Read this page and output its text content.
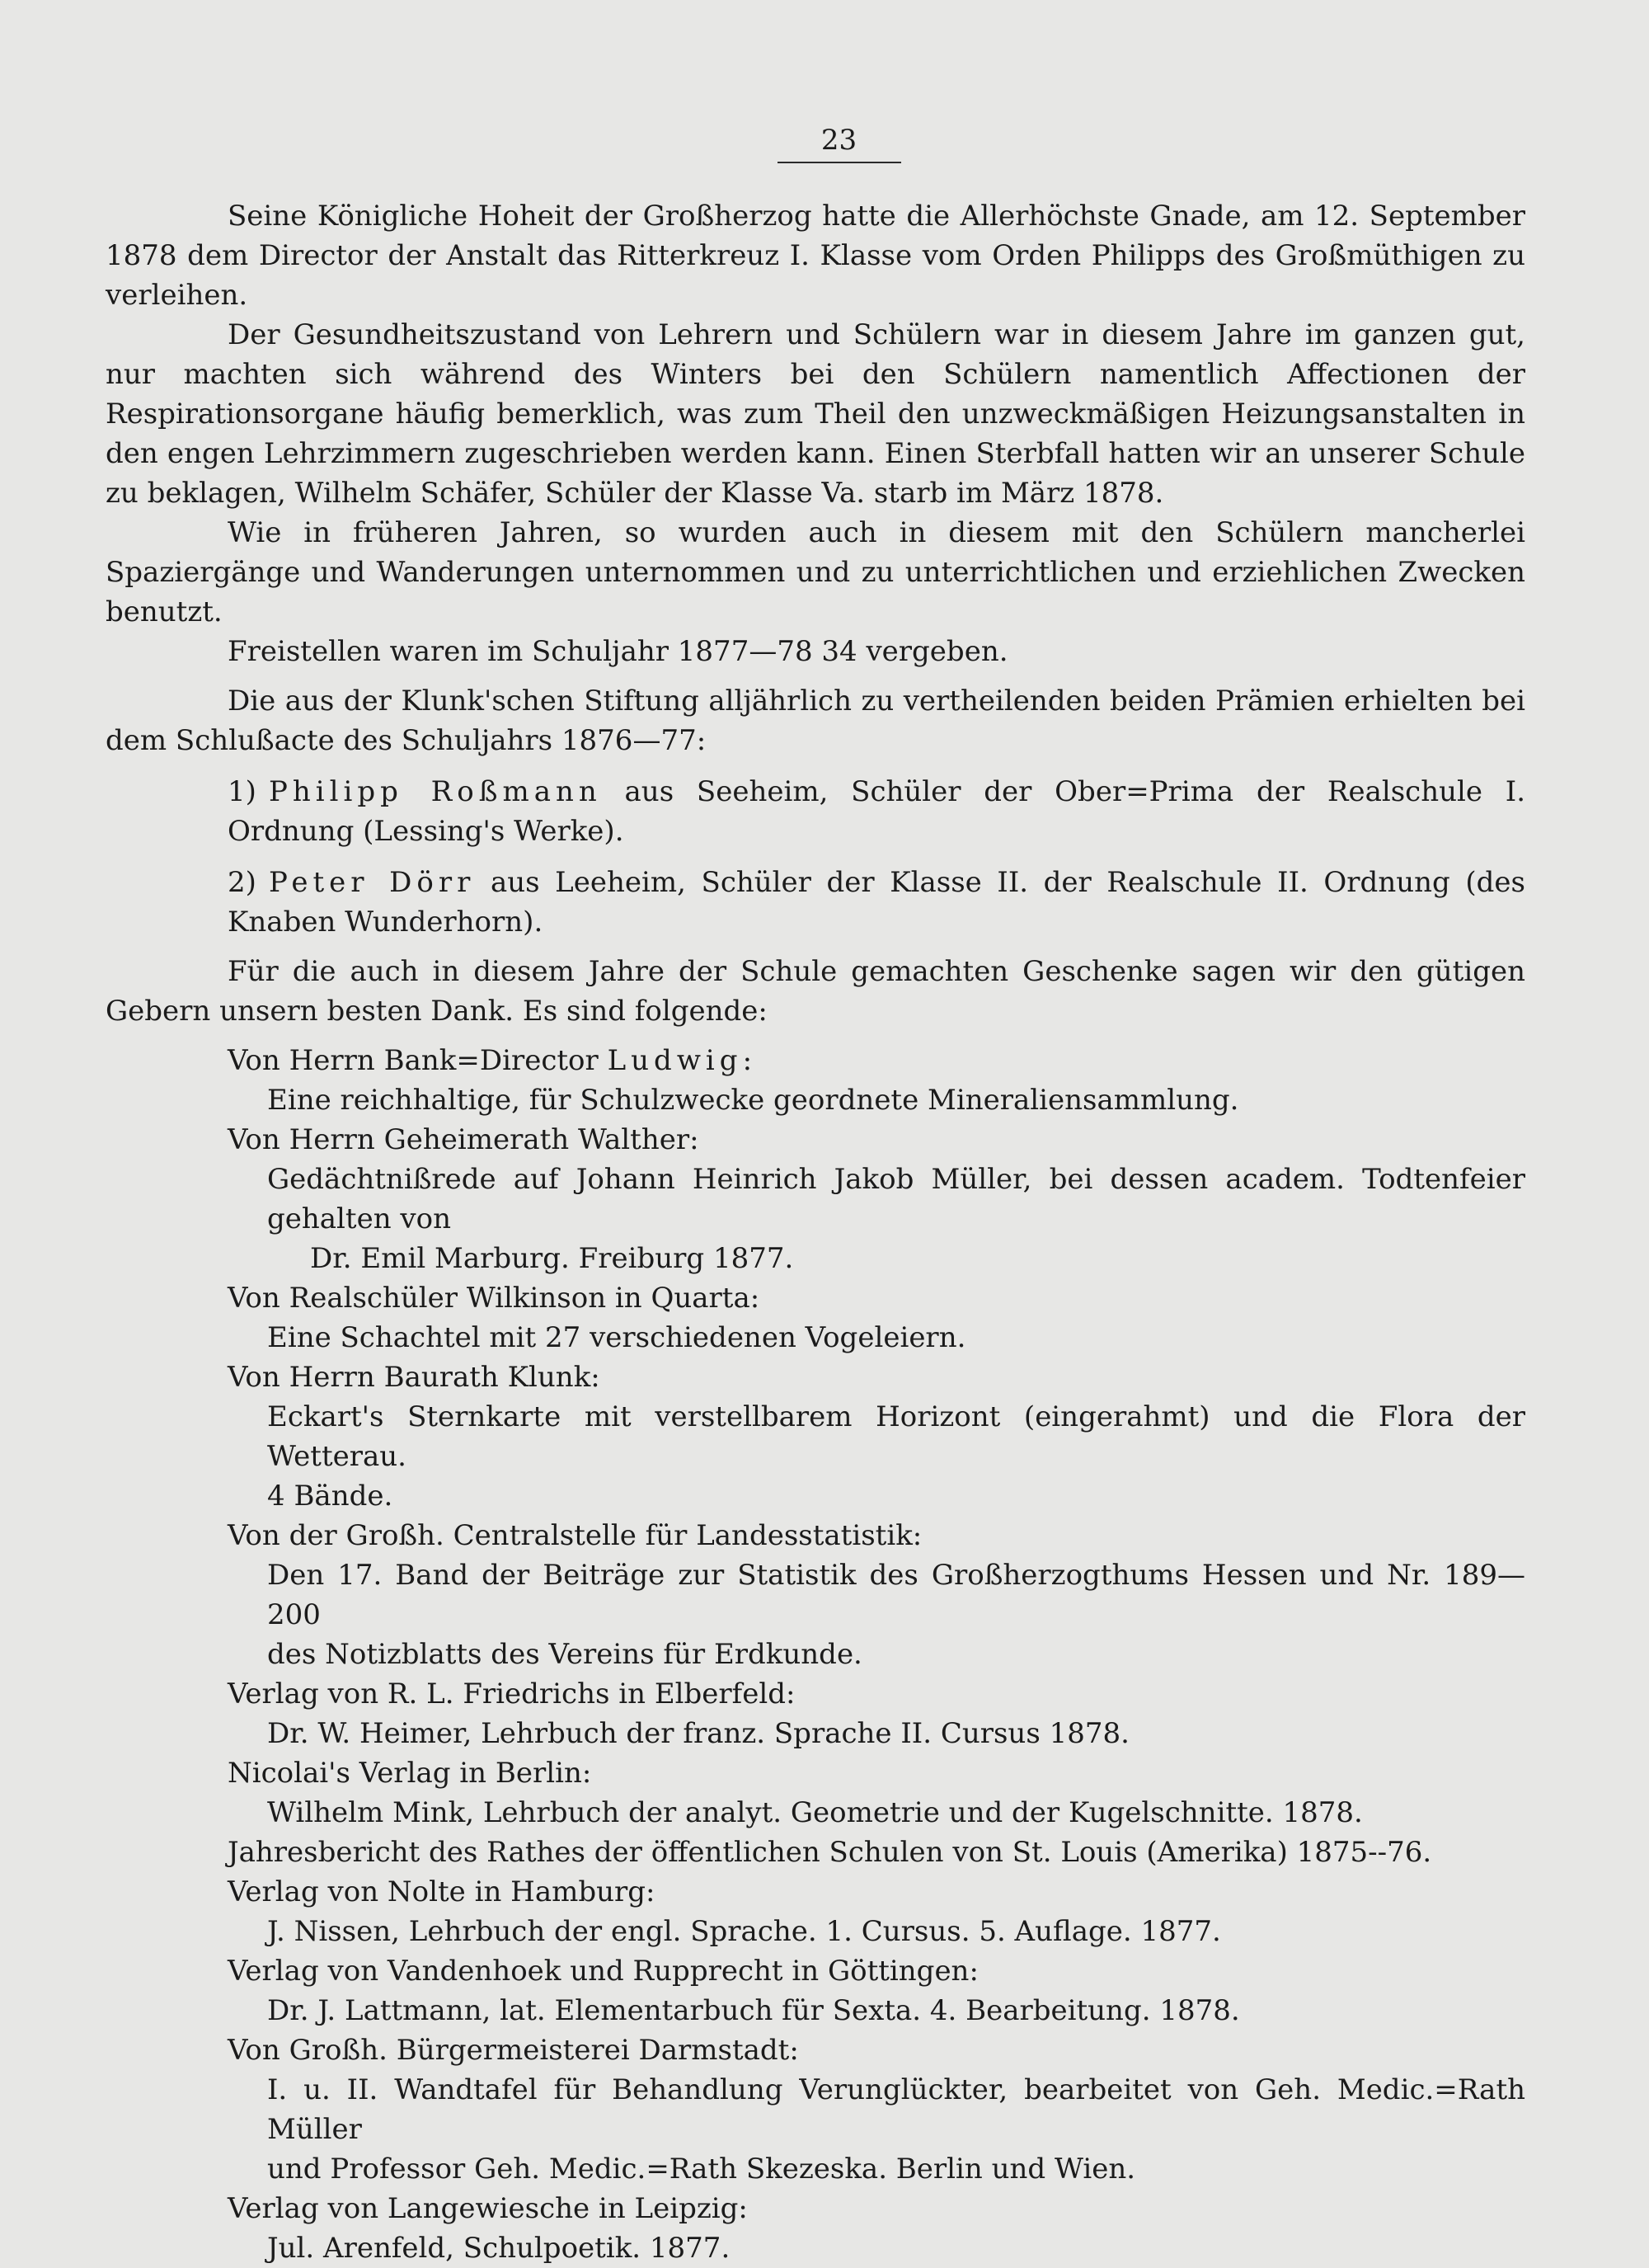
23

Seine Königliche Hoheit der Großherzog hatte die Allerhöchste Gnade, am 12. September 1878 dem Director der Anstalt das Ritterkreuz I. Klasse vom Orden Philipps des Großmüthigen zu verleihen.

Der Gesundheitszustand von Lehrern und Schülern war in diesem Jahre im ganzen gut, nur machten sich während des Winters bei den Schülern namentlich Affectionen der Respirationsorgane häufig bemerklich, was zum Theil den unzweckmäßigen Heizungsanstalten in den engen Lehrzimmern zugeschrieben werden kann. Einen Sterbfall hatten wir an unserer Schule zu beklagen, Wilhelm Schäfer, Schüler der Klasse Va. starb im März 1878.

Wie in früheren Jahren, so wurden auch in diesem mit den Schülern mancherlei Spaziergänge und Wanderungen unternommen und zu unterrichtlichen und erziehlichen Zwecken benutzt.

Freistellen waren im Schuljahr 1877—78 34 vergeben.

Die aus der Klunk'schen Stiftung alljährlich zu vertheilenden beiden Prämien erhielten bei dem Schlußacte des Schuljahrs 1876—77:

1) Philipp Roßmann aus Seeheim, Schüler der Ober=Prima der Realschule I. Ordnung (Lessing's Werke).
2) Peter Dörr aus Leeheim, Schüler der Klasse II. der Realschule II. Ordnung (des Knaben Wunderhorn).

Für die auch in diesem Jahre der Schule gemachten Geschenke sagen wir den gütigen Gebern unsern besten Dank. Es sind folgende:

Von Herrn Bank=Director Ludwig:
Eine reichhaltige, für Schulzwecke geordnete Mineraliensammlung.
Von Herrn Geheimerath Walther:
Gedächtnißrede auf Johann Heinrich Jakob Müller, bei dessen academ. Todtenfeier gehalten von
Dr. Emil Marburg. Freiburg 1877.
Von Realschüler Wilkinson in Quarta:
Eine Schachtel mit 27 verschiedenen Vogeleiern.
Von Herrn Baurath Klunk:
Eckart's Sternkarte mit verstellbarem Horizont (eingerahmt) und die Flora der Wetterau.
4 Bände.
Von der Großh. Centralstelle für Landesstatistik:
Den 17. Band der Beiträge zur Statistik des Großherzogthums Hessen und Nr. 189—200
des Notizblatts des Vereins für Erdkunde.
Verlag von R. L. Friedrichs in Elberfeld:
Dr. W. Heimer, Lehrbuch der franz. Sprache II. Cursus 1878.
Nicolai's Verlag in Berlin:
Wilhelm Mink, Lehrbuch der analyt. Geometrie und der Kugelschnitte. 1878.
Jahresbericht des Rathes der öffentlichen Schulen von St. Louis (Amerika) 1875--76.
Verlag von Nolte in Hamburg:
J. Nissen, Lehrbuch der engl. Sprache. 1. Cursus. 5. Auflage. 1877.
Verlag von Vandenhoek und Rupprecht in Göttingen:
Dr. J. Lattmann, lat. Elementarbuch für Sexta. 4. Bearbeitung. 1878.
Von Großh. Bürgermeisterei Darmstadt:
I. u. II. Wandtafel für Behandlung Verunglückter, bearbeitet von Geh. Medic.=Rath Müller
und Professor Geh. Medic.=Rath Skezeska. Berlin und Wien.
Verlag von Langewiesche in Leipzig:
Jul. Arenfeld, Schulpoetik. 1877.
